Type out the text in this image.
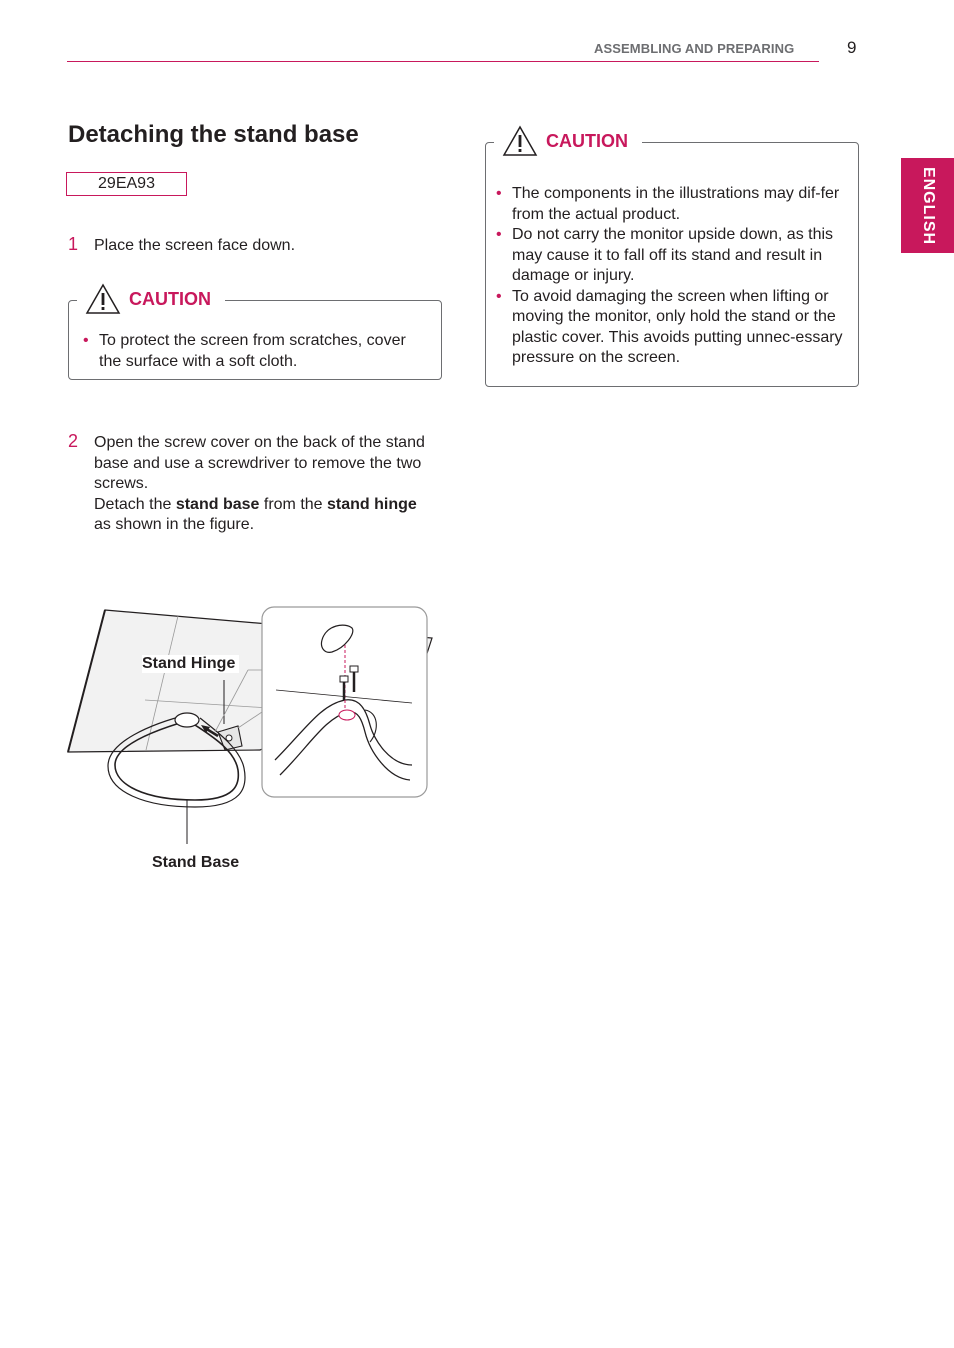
ASSEMBLING AND PREPARING	9
ENGLISH
Detaching the stand base
29EA93
1 Place the screen face down.
CAUTION
• To protect the screen from scratches, cover the surface with a soft cloth.
2 Open the screw cover on the back of the stand
base and use a screwdriver to remove the two
screws.
Detach the stand base from the stand hinge
as shown in the figure.
CAUTION
• The components in the illustrations may dif-fer from the actual product.
• Do not carry the monitor upside down, as this may cause it to fall off its stand and result in damage or injury.
• To avoid damaging the screen when lifting or moving the monitor, only hold the stand or the plastic cover. This avoids putting unnec-essary pressure on the screen.
Stand Hinge
Stand Base
